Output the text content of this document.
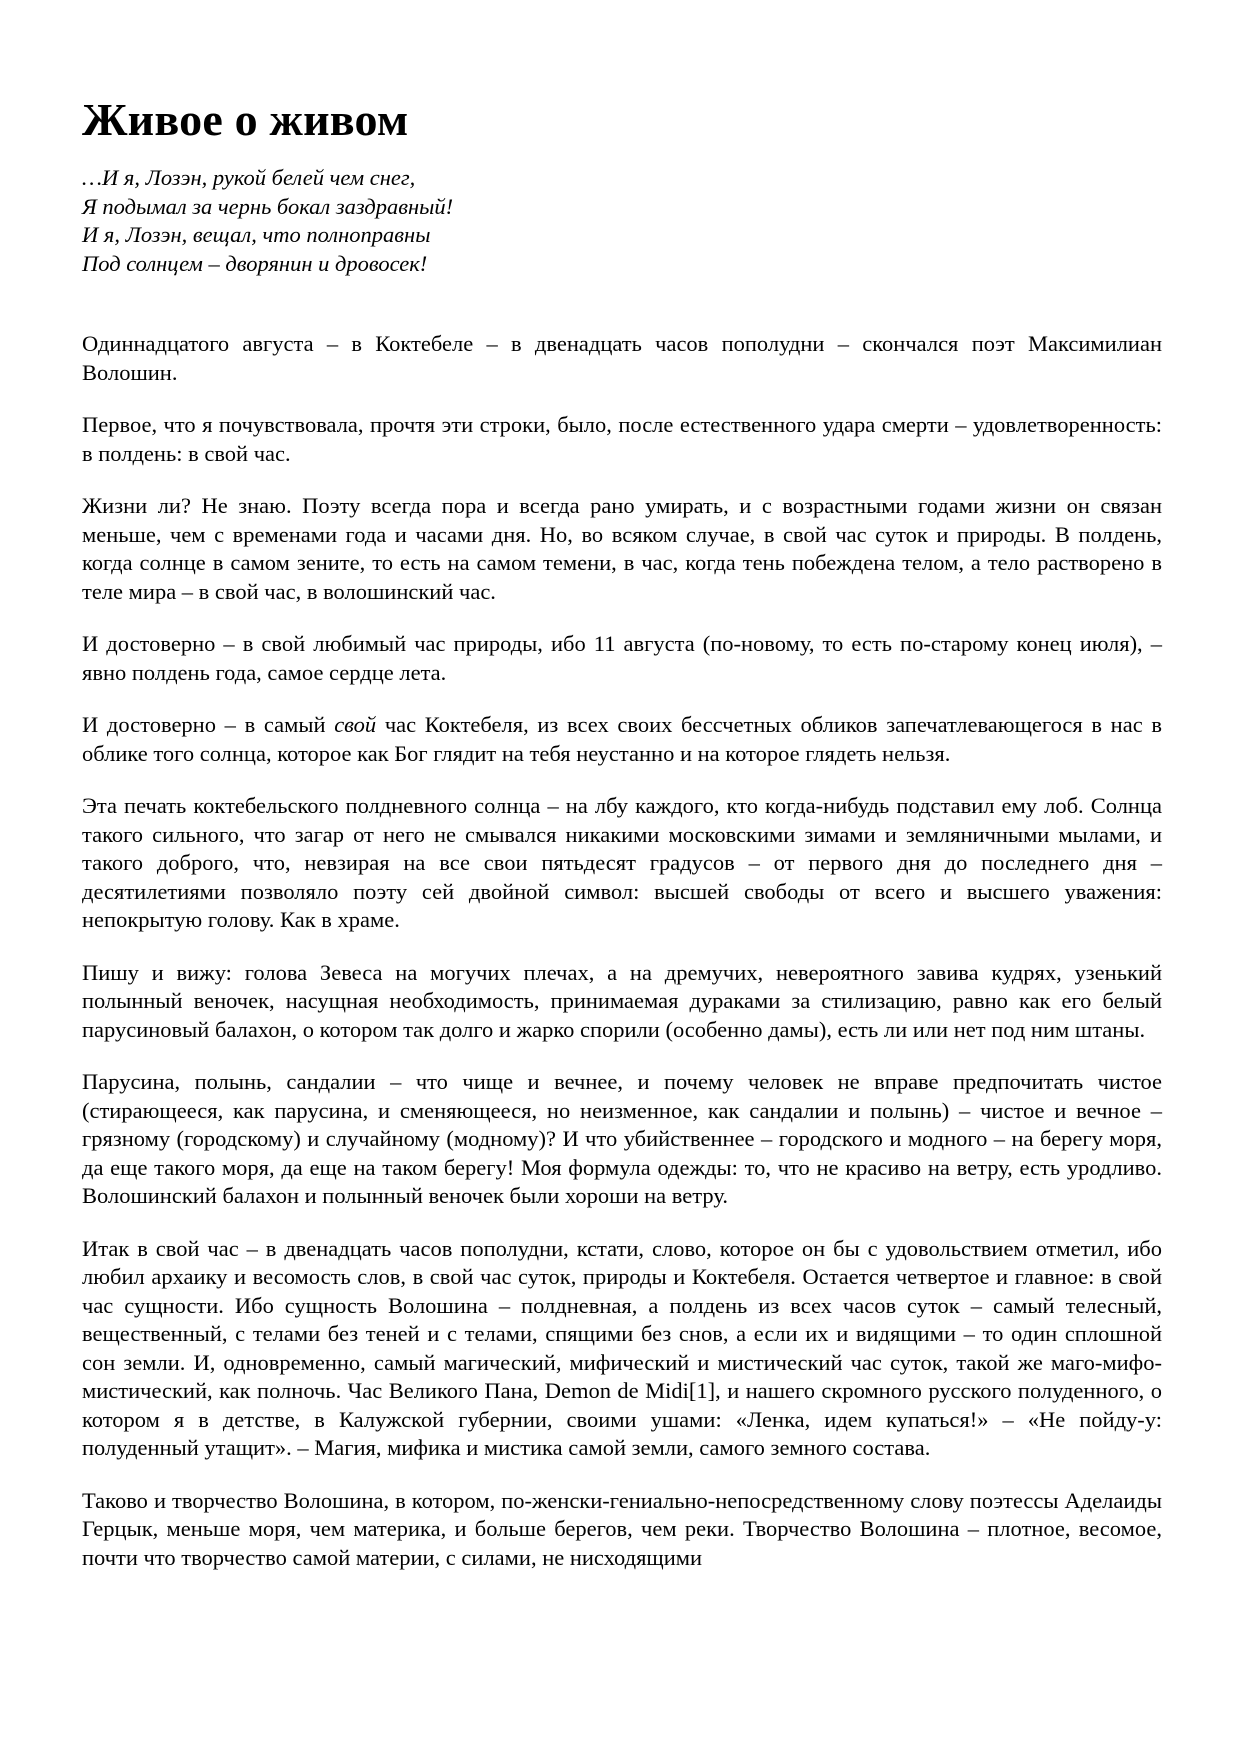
Живое о живом
…И я, Лозэн, рукой белей чем снег,
Я подымал за чернь бокал заздравный!
И я, Лозэн, вещал, что полноправны
Под солнцем – дворянин и дровосек!

Одиннадцатого августа – в Коктебеле – в двенадцать часов пополудни – скончался поэт Максимилиан Волошин.

Первое, что я почувствовала, прочтя эти строки, было, после естественного удара смерти – удовлетворенность: в полдень: в свой час.

Жизни ли? Не знаю. Поэту всегда пора и всегда рано умирать, и с возрастными годами жизни он связан меньше, чем с временами года и часами дня. Но, во всяком случае, в свой час суток и природы. В полдень, когда солнце в самом зените, то есть на самом темени, в час, когда тень побеждена телом, а тело растворено в теле мира – в свой час, в волошинский час.

И достоверно – в свой любимый час природы, ибо 11 августа (по-новому, то есть по-старому конец июля), – явно полдень года, самое сердце лета.

И достоверно – в самый свой час Коктебеля, из всех своих бессчетных обликов запечатлевающегося в нас в облике того солнца, которое как Бог глядит на тебя неустанно и на которое глядеть нельзя.

Эта печать коктебельского полдневного солнца – на лбу каждого, кто когда-нибудь подставил ему лоб. Солнца такого сильного, что загар от него не смывался никакими московскими зимами и земляничными мылами, и такого доброго, что, невзирая на все свои пятьдесят градусов – от первого дня до последнего дня – десятилетиями позволяло поэту сей двойной символ: высшей свободы от всего и высшего уважения: непокрытую голову. Как в храме.

Пишу и вижу: голова Зевеса на могучих плечах, а на дремучих, невероятного завива кудрях, узенький полынный веночек, насущная необходимость, принимаемая дураками за стилизацию, равно как его белый парусиновый балахон, о котором так долго и жарко спорили (особенно дамы), есть ли или нет под ним штаны.

Парусина, полынь, сандалии – что чище и вечнее, и почему человек не вправе предпочитать чистое (стирающееся, как парусина, и сменяющееся, но неизменное, как сандалии и полынь) – чистое и вечное – грязному (городскому) и случайному (модному)? И что убийственнее – городского и модного – на берегу моря, да еще такого моря, да еще на таком берегу! Моя формула одежды: то, что не красиво на ветру, есть уродливо. Волошинский балахон и полынный веночек были хороши на ветру.

Итак в свой час – в двенадцать часов пополудни, кстати, слово, которое он бы с удовольствием отметил, ибо любил архаику и весомость слов, в свой час суток, природы и Коктебеля. Остается четвертое и главное: в свой час сущности. Ибо сущность Волошина – полдневная, а полдень из всех часов суток – самый телесный, вещественный, с телами без теней и с телами, спящими без снов, а если их и видящими – то один сплошной сон земли. И, одновременно, самый магический, мифический и мистический час суток, такой же маго-мифо-мистический, как полночь. Час Великого Пана, Demon de Midi[1], и нашего скромного русского полуденного, о котором я в детстве, в Калужской губернии, своими ушами: «Ленка, идем купаться!» – «Не пойду-у: полуденный утащит». – Магия, мифика и мистика самой земли, самого земного состава.

Таково и творчество Волошина, в котором, по-женски-гениально-непосредственному слову поэтессы Аделаиды Герцык, меньше моря, чем материка, и больше берегов, чем реки. Творчество Волошина – плотное, весомое, почти что творчество самой материи, с силами, не нисходящими
